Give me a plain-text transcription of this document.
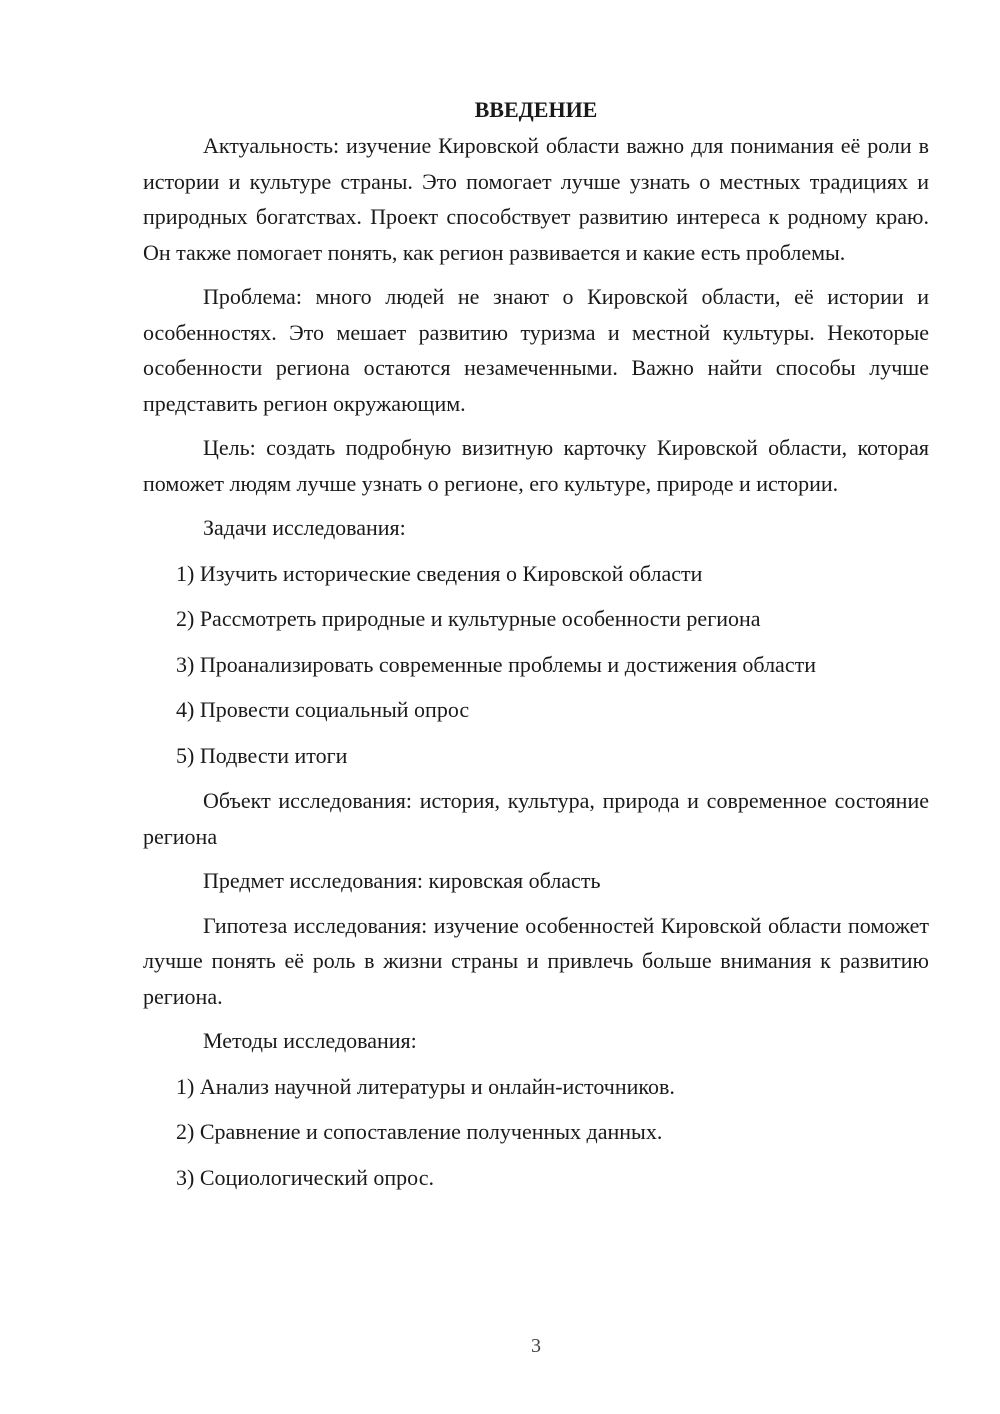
ВВЕДЕНИЕ

Актуальность: изучение Кировской области важно для понимания её роли в истории и культуре страны. Это помогает лучше узнать о местных традициях и природных богатствах. Проект способствует развитию интереса к родному краю. Он также помогает понять, как регион развивается и какие есть проблемы.

Проблема: много людей не знают о Кировской области, её истории и особенностях. Это мешает развитию туризма и местной культуры. Некоторые особенности региона остаются незамеченными. Важно найти способы лучше представить регион окружающим.

Цель: создать подробную визитную карточку Кировской области, которая поможет людям лучше узнать о регионе, его культуре, природе и истории.

Задачи исследования:
1) Изучить исторические сведения о Кировской области
2) Рассмотреть природные и культурные особенности региона
3) Проанализировать современные проблемы и достижения области
4) Провести социальный опрос
5) Подвести итоги

Объект исследования: история, культура, природа и современное состояние региона

Предмет исследования: кировская область

Гипотеза исследования: изучение особенностей Кировской области поможет лучше понять её роль в жизни страны и привлечь больше внимания к развитию региона.

Методы исследования:
1) Анализ научной литературы и онлайн-источников.
2) Сравнение и сопоставление полученных данных.
3) Социологический опрос.
3
